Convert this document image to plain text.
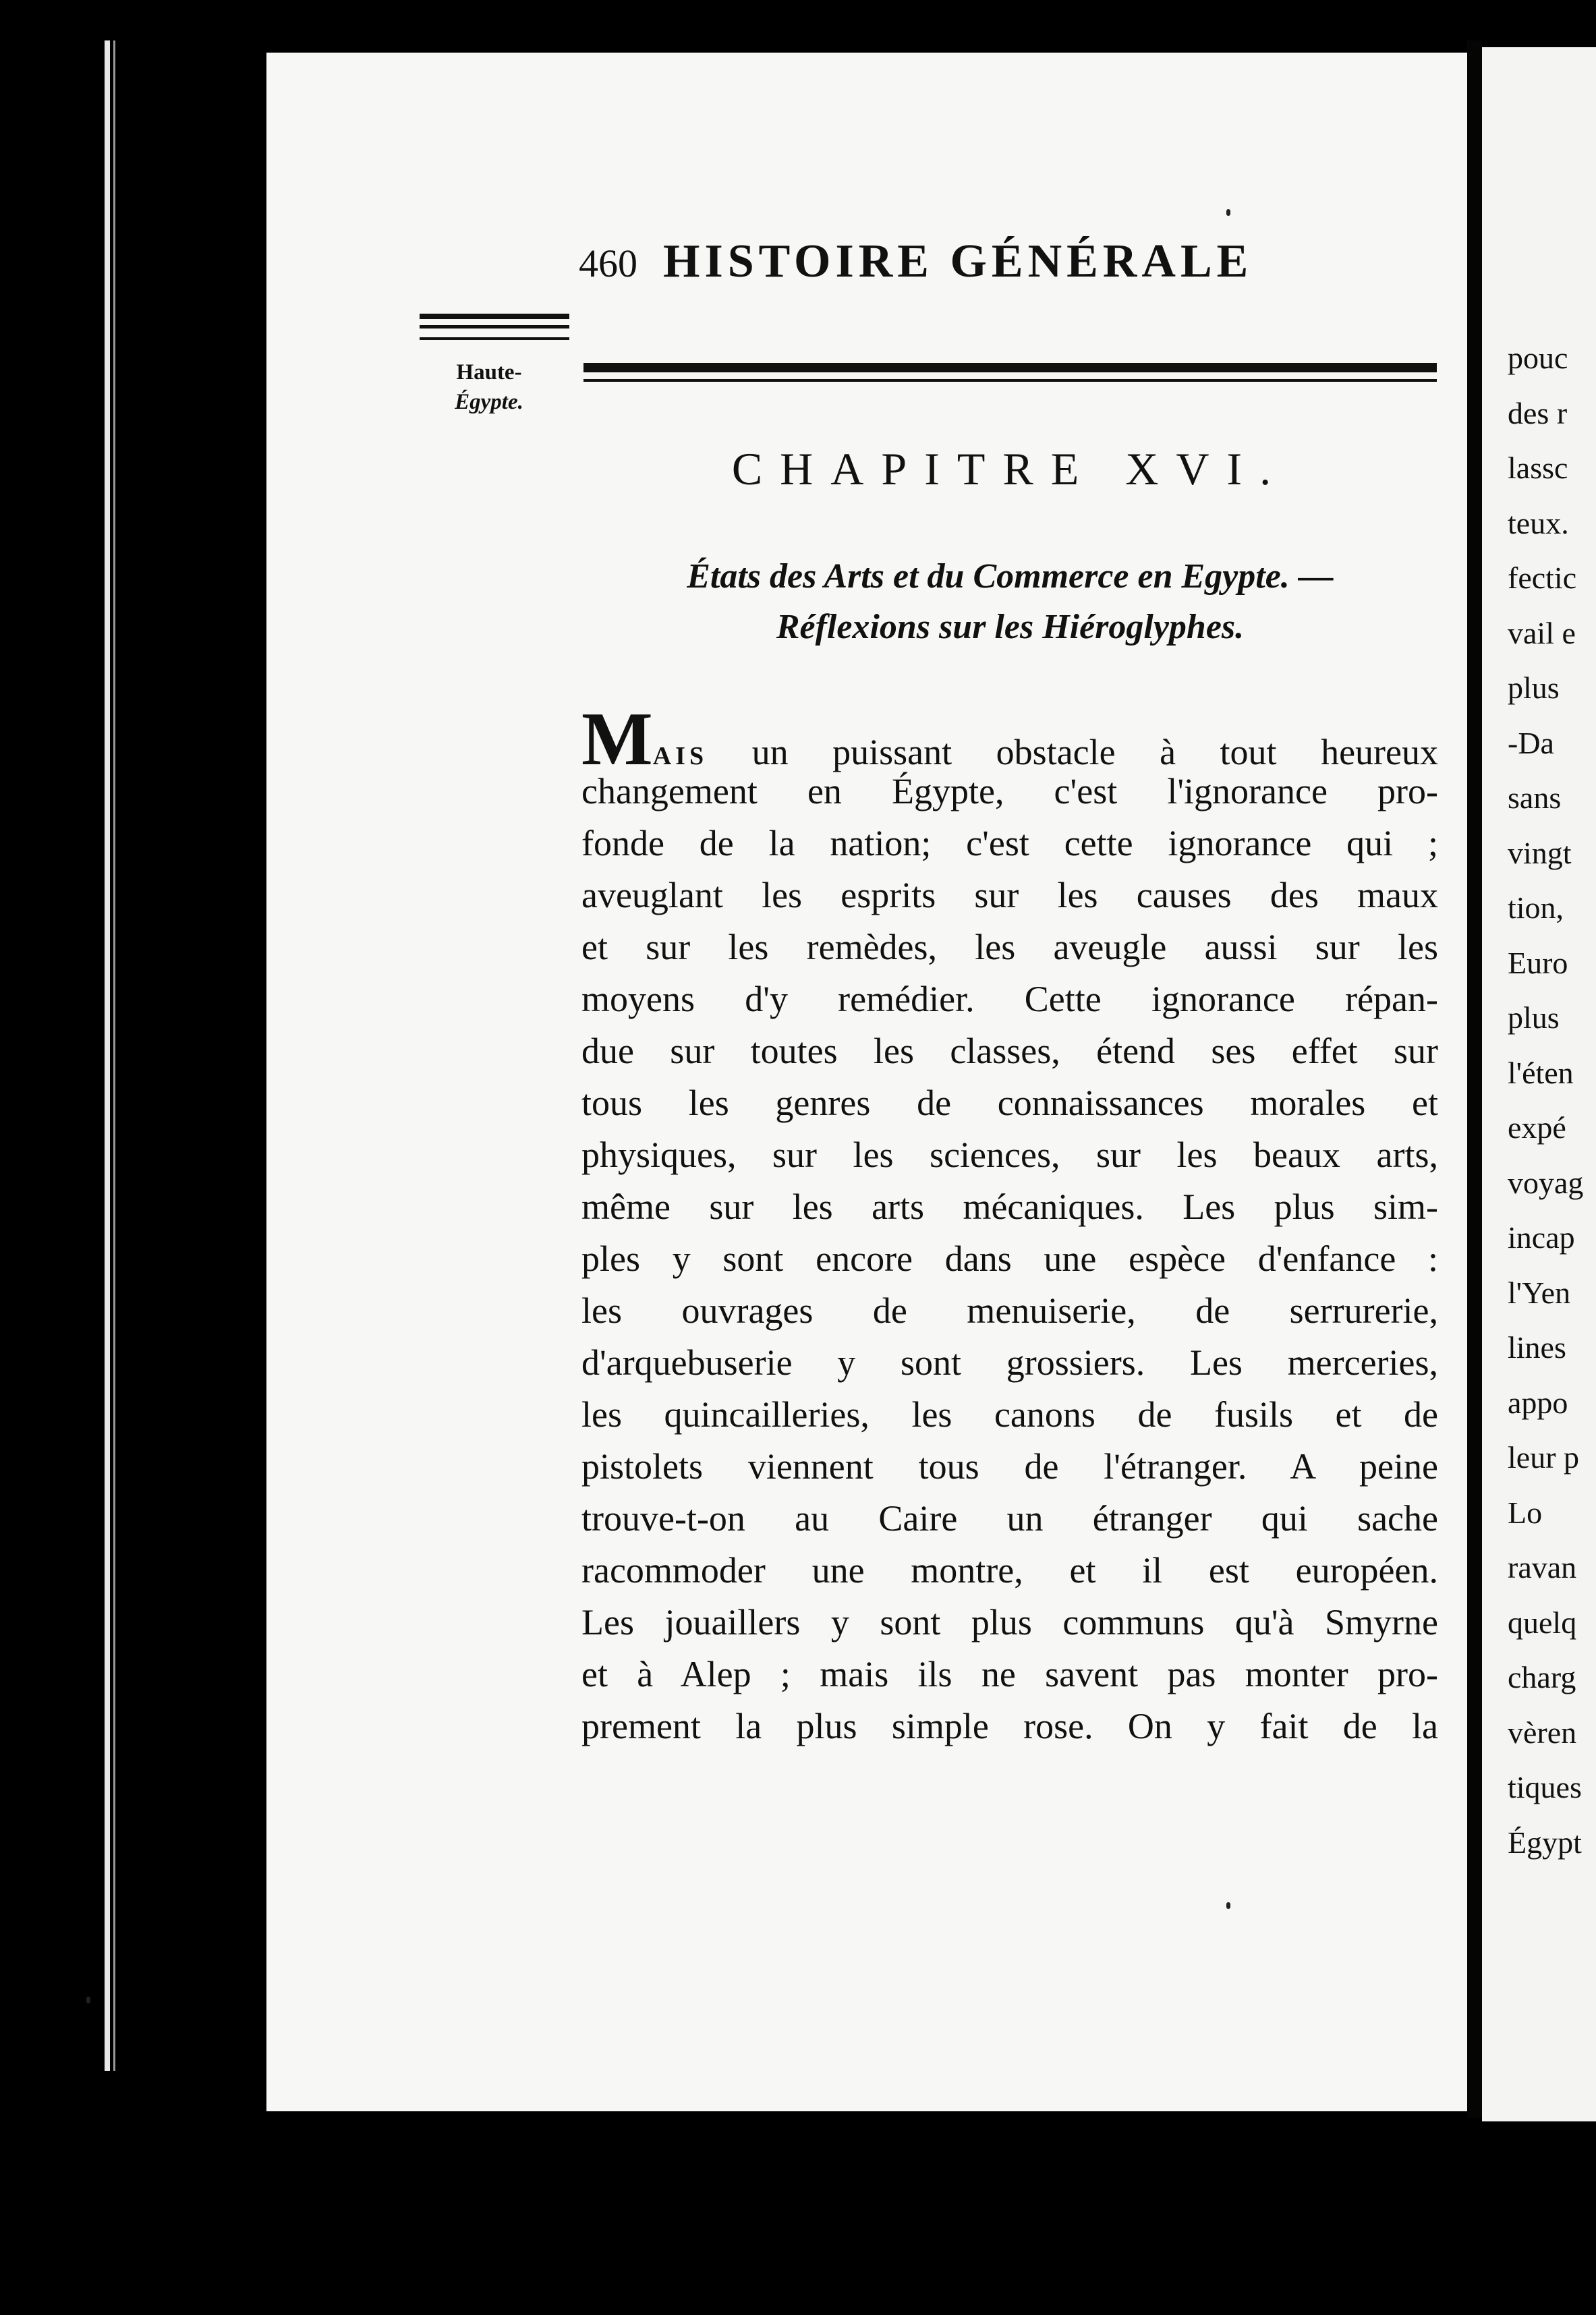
pouc
des r
lassc
teux.
fectic
vail e
plus
-Da
sans
vingt
tion,
Euro
plus
l'éten
expé
voyag
incap
l'Yen
lines
appo
leur p
Lo
ravan
quelq
charg
vèren
tiques
Égypt
Haute-
Égypte.
460 HISTOIRE GÉNÉRALE
CHAPITRE XVI.
États des Arts et du Commerce en Egypte. —
Réflexions sur les Hiéroglyphes.
MAIS un puissant obstacle à tout heureux
changement en Égypte, c'est l'ignorance pro-
fonde de la nation; c'est cette ignorance qui ;
aveuglant les esprits sur les causes des maux
et sur les remèdes, les aveugle aussi sur les
moyens d'y remédier. Cette ignorance répan-
due sur toutes les classes, étend ses effet sur
tous les genres de connaissances morales et
physiques, sur les sciences, sur les beaux arts,
même sur les arts mécaniques. Les plus sim-
ples y sont encore dans une espèce d'enfance :
les ouvrages de menuiserie, de serrurerie,
d'arquebuserie y sont grossiers. Les merceries,
les quincailleries, les canons de fusils et de
pistolets viennent tous de l'étranger. A peine
trouve-t-on au Caire un étranger qui sache
racommoder une montre, et il est européen.
Les jouaillers y sont plus communs qu'à Smyrne
et à Alep ; mais ils ne savent pas monter pro-
prement la plus simple rose. On y fait de la
